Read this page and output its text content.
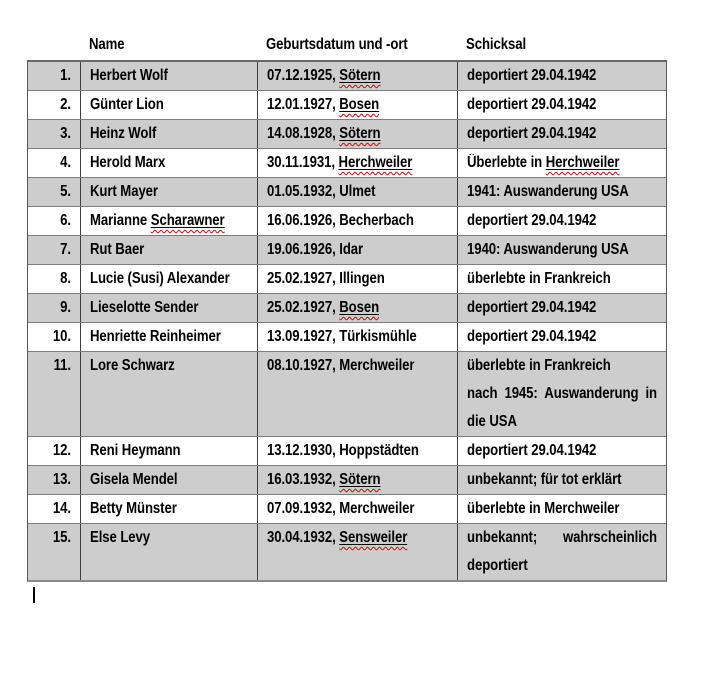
Name	Geburtsdatum und -ort	Schicksal
1. Herbert Wolf	07.12.1925, Sötern	deportiert 29.04.1942

2. Günter Lion	12.01.1927, Bosen	deportiert 29.04.1942

3. Heinz Wolf	14.08.1928, Sötern	deportiert 29.04.1942

4. Herold Marx	30.11.1931, Herchweiler	Überlebte in Herchweiler

5. Kurt Mayer	01.05.1932, Ulmet	1941: Auswanderung USA

6. Marianne Scharawner	16.06.1926, Becherbach	deportiert 29.04.1942

7. Rut Baer	19.06.1926, Idar	1940: Auswanderung USA

8. Lucie (Susi) Alexander	25.02.1927, Illingen	überlebte in Frankreich

9. Lieselotte Sender	25.02.1927, Bosen	deportiert 29.04.1942

10. Henriette Reinheimer	13.09.1927, Türkismühle	deportiert 29.04.1942

11. Lore Schwarz	08.10.1927, Merchweiler	überlebte in Frankreich

nach 1945: Auswanderung in die USA

12. Reni Heymann	13.12.1930, Hoppstädten	deportiert 29.04.1942

13. Gisela Mendel	16.03.1932, Sötern	unbekannt; für tot erklärt

14. Betty Münster	07.09.1932, Merchweiler	überlebte in Merchweiler

15. Else Levy	30.04.1932, Sensweiler	unbekannt; wahrscheinlich deportiert
